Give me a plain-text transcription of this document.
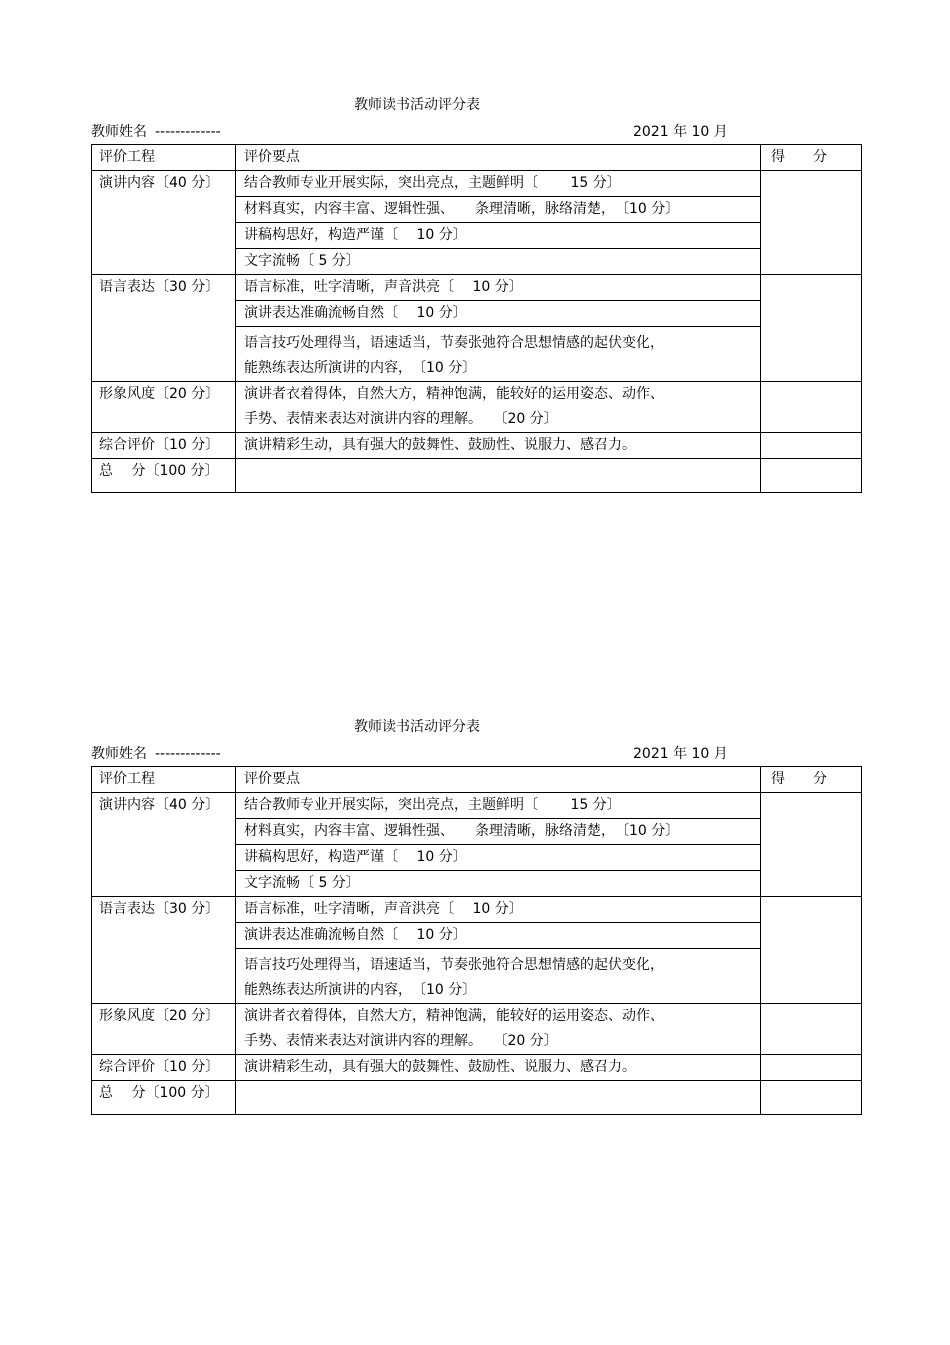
教师读书活动评分表
教师姓名 -------------	2021 年 10 月
评价工程	评价要点	得 分
演讲内容〔40 分〕	结合教师专业开展实际，突出亮点，主题鲜明〔　　 15 分〕	
	材料真实，内容丰富、逻辑性强、　　条理清晰，脉络清楚，　〔10 分〕	
	讲稿构思好，构造严谨〔　 10 分〕	
	文字流畅〔 5 分〕	
语言表达〔30 分〕	语言标准，吐字清晰，声音洪亮〔　 10 分〕	
	演讲表达准确流畅自然〔　 10 分〕	

	语言技巧处理得当，语速适当，节奏张弛符合思想情感的起伏变化，
能熟练表达所演讲的内容，　〔10 分〕	

形象风度〔20 分〕	演讲者衣着得体，自然大方，精神饱满，能较好的运用姿态、动作、
手势、表情来表达对演讲内容的理解。　 〔20 分〕	

综合评价〔10 分〕	演讲精彩生动，具有强大的鼓舞性、鼓励性、说服力、感召力。	
总　 分〔100 分〕		
教师读书活动评分表
教师姓名 -------------	2021 年 10 月
评价工程	评价要点	得 分
演讲内容〔40 分〕	结合教师专业开展实际，突出亮点，主题鲜明〔　　 15 分〕	
	材料真实，内容丰富、逻辑性强、　　条理清晰，脉络清楚，　〔10 分〕	
	讲稿构思好，构造严谨〔　 10 分〕	
	文字流畅〔 5 分〕	
语言表达〔30 分〕	语言标准，吐字清晰，声音洪亮〔　 10 分〕	
	演讲表达准确流畅自然〔　 10 分〕	

	语言技巧处理得当，语速适当，节奏张弛符合思想情感的起伏变化，
能熟练表达所演讲的内容，　〔10 分〕	

形象风度〔20 分〕	演讲者衣着得体，自然大方，精神饱满，能较好的运用姿态、动作、
手势、表情来表达对演讲内容的理解。　 〔20 分〕	

综合评价〔10 分〕	演讲精彩生动，具有强大的鼓舞性、鼓励性、说服力、感召力。	
总　 分〔100 分〕		
